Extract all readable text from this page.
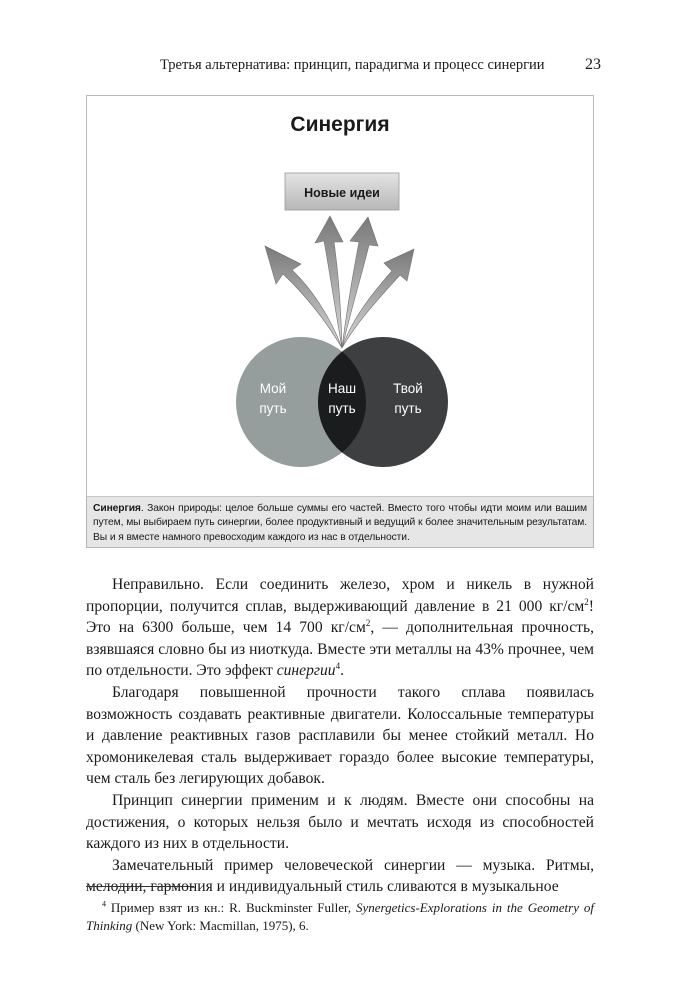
Третья альтернатива: принцип, парадигма и процесс синергии	23
Синергия
Новые идеи
Мой
путь
Наш
путь
Твой
путь
Синергия. Закон природы: целое больше суммы его частей. Вместо того чтобы идти моим или вашим путем, мы выбираем путь синергии, более продуктивный и ведущий к более значительным результатам. Вы и я вместе намного превосходим каждого из нас в отдельности.

Неправильно. Если соединить железо, хром и никель в нужной пропорции, получится сплав, выдерживающий давление в 21 000 $кг/см^2$! Это на 6300 больше, чем 14 700 $кг/см^2$, — дополнительная прочность, взявшаяся словно бы из ниоткуда. Вместе эти металлы на 43% прочнее, чем по отдельности. Это эффект синергии$^4$.

Благодаря повышенной прочности такого сплава появилась возможность создавать реактивные двигатели. Колоссальные температуры и давление реактивных газов расплавили бы менее стойкий металл. Но хромоникелевая сталь выдерживает гораздо более высокие температуры, чем сталь без легирующих добавок.

Принцип синергии применим и к людям. Вместе они способны на достижения, о которых нельзя было и мечтать исходя из способностей каждого из них в отдельности.

Замечательный пример человеческой синергии — музыка. Ритмы, мелодии, гармония и индивидуальный стиль сливаются в музыкальное

$^4$ Пример взят из кн.: R. Buckminster Fuller, Synergetics-Explorations in the Geometry of Thinking (New York: Macmillan, 1975), 6.
